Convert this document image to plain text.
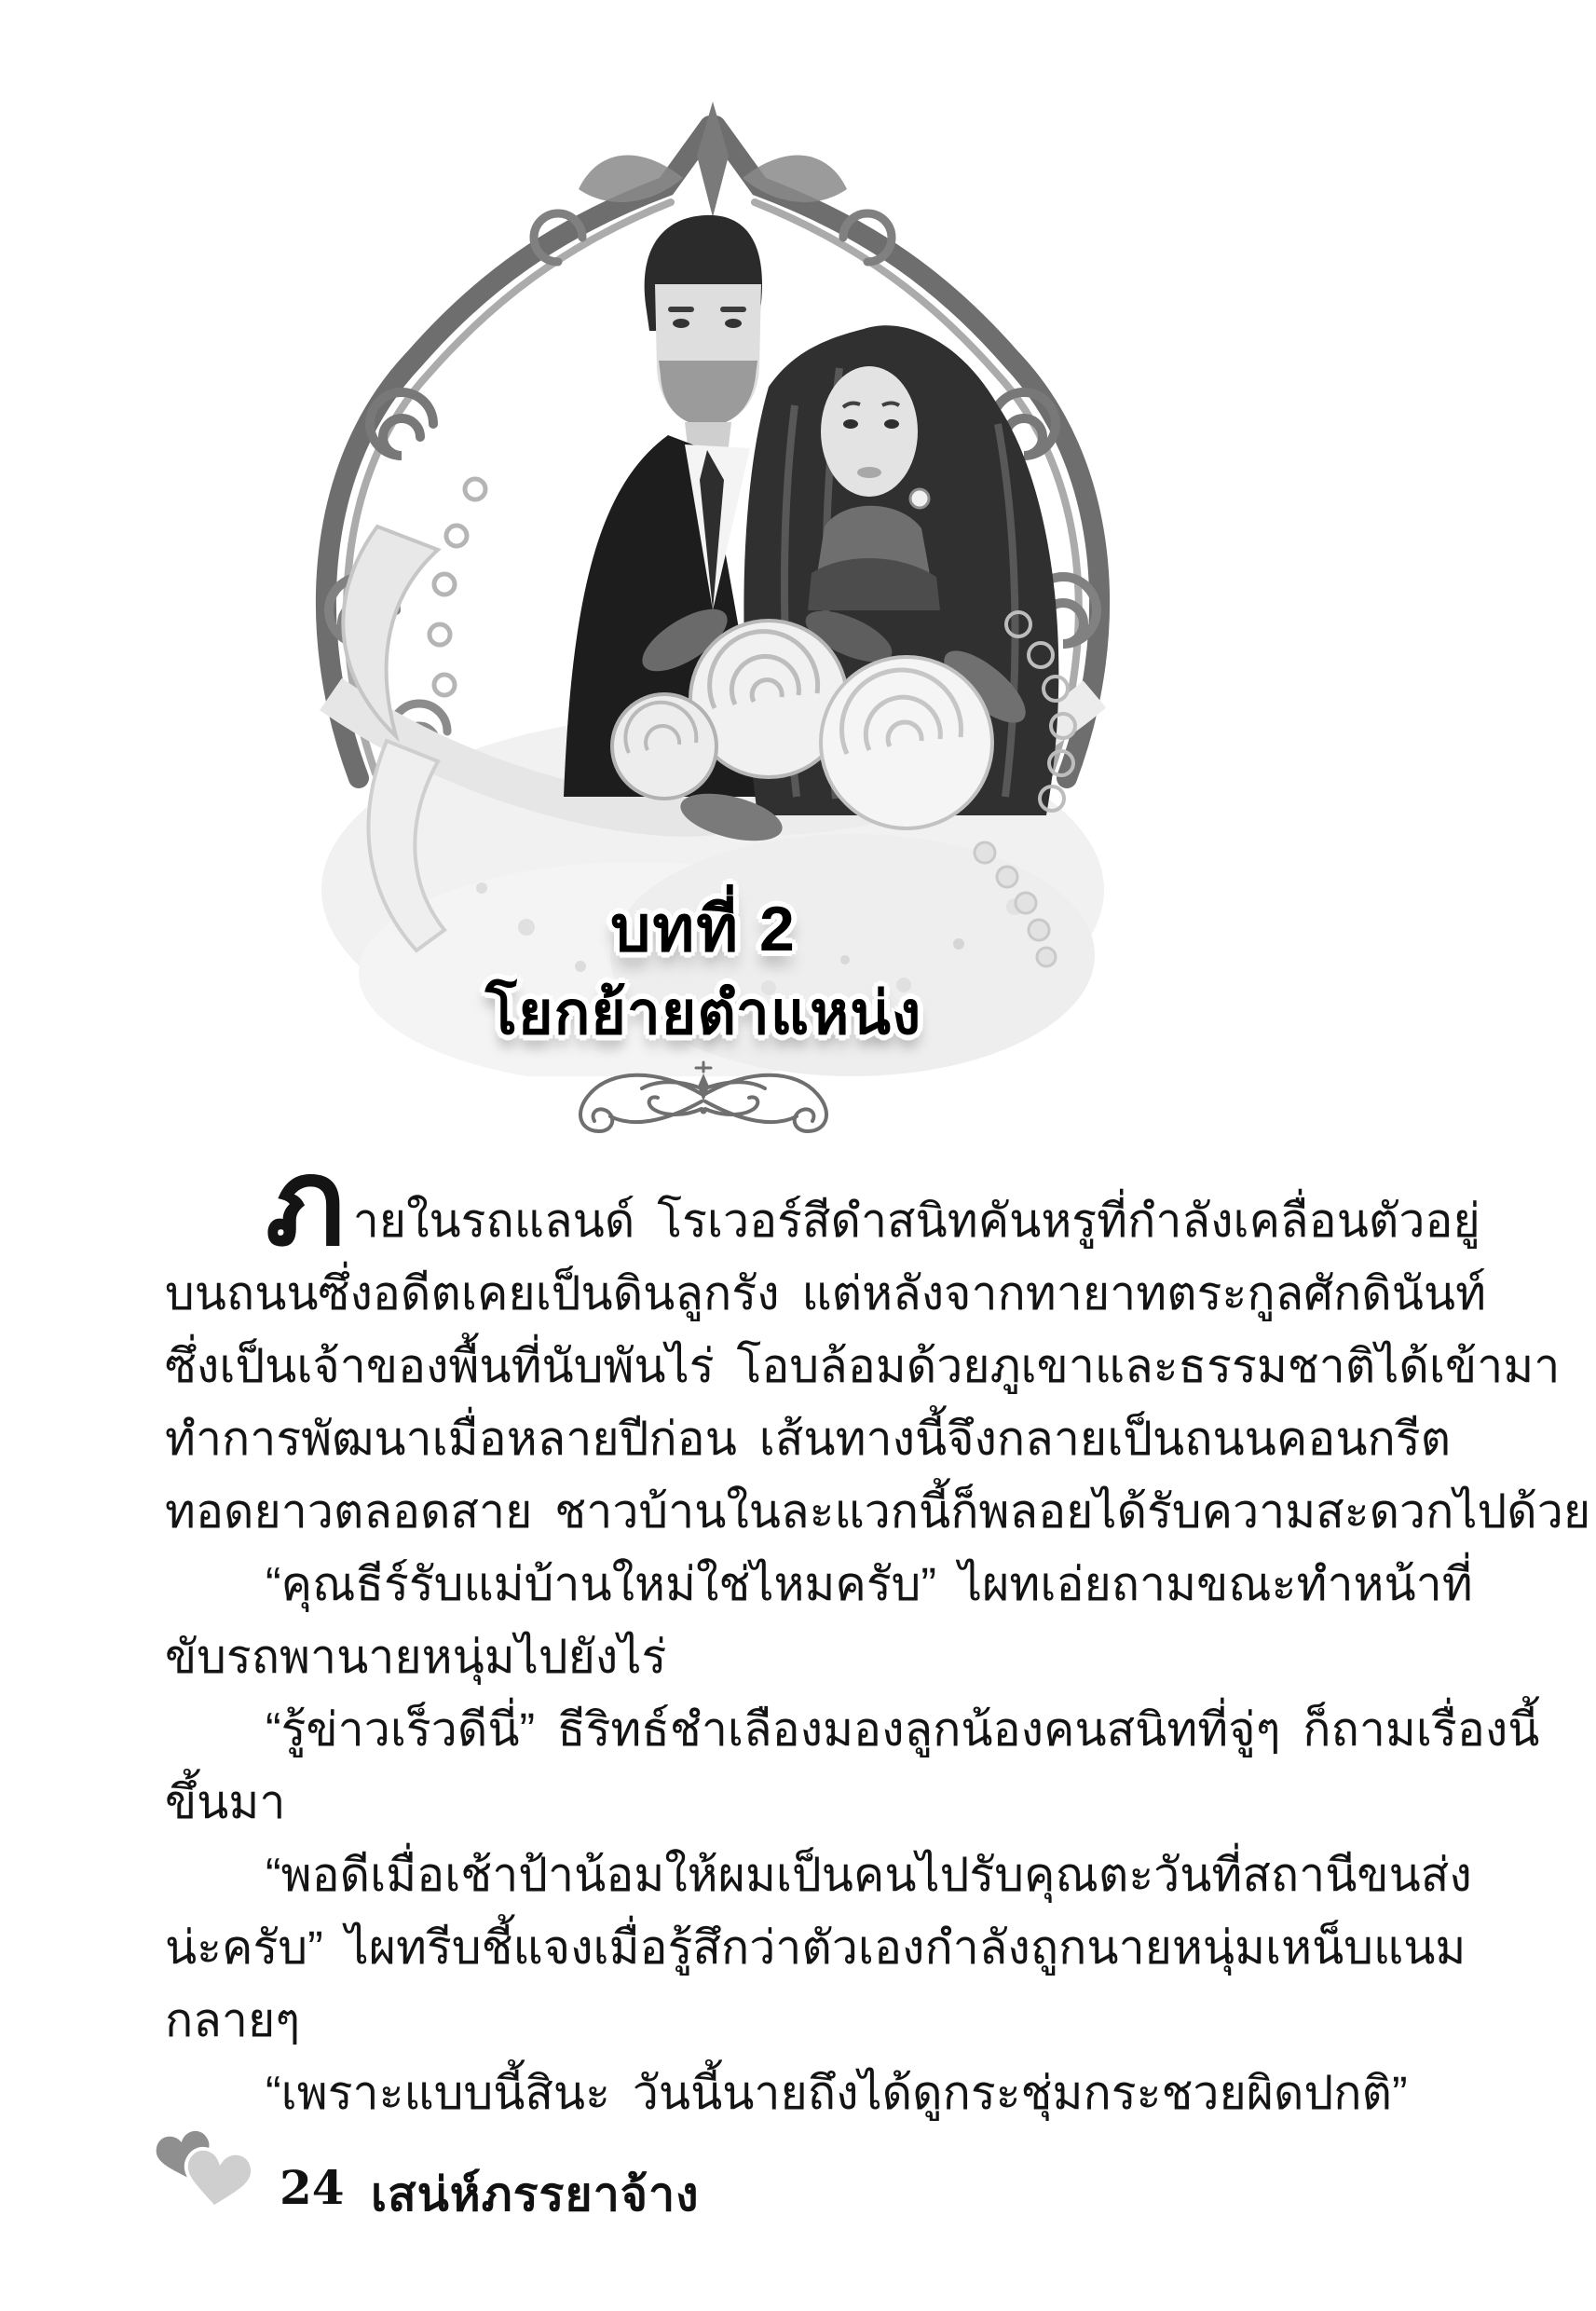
บทที่ 2
โยกย้ายตำแหน่ง
ภายในรถแลนด์ โรเวอร์สีดำสนิทคันหรูที่กำลังเคลื่อนตัวอยู่
บนถนนซึ่งอดีตเคยเป็นดินลูกรัง แต่หลังจากทายาทตระกูลศักดินันท์
ซึ่งเป็นเจ้าของพื้นที่นับพันไร่ โอบล้อมด้วยภูเขาและธรรมชาติได้เข้ามา
ทำการพัฒนาเมื่อหลายปีก่อน เส้นทางนี้จึงกลายเป็นถนนคอนกรีต
ทอดยาวตลอดสาย ชาวบ้านในละแวกนี้ก็พลอยได้รับความสะดวกไปด้วย
“คุณธีร์รับแม่บ้านใหม่ใช่ไหมครับ” ไผทเอ่ยถามขณะทำหน้าที่
ขับรถพานายหนุ่มไปยังไร่
“รู้ข่าวเร็วดีนี่” ธีริทธ์ชำเลืองมองลูกน้องคนสนิทที่จู่ๆ ก็ถามเรื่องนี้
ขึ้นมา
“พอดีเมื่อเช้าป้าน้อมให้ผมเป็นคนไปรับคุณตะวันที่สถานีขนส่ง
น่ะครับ” ไผทรีบชี้แจงเมื่อรู้สึกว่าตัวเองกำลังถูกนายหนุ่มเหน็บแนม
กลายๆ
“เพราะแบบนี้สินะ วันนี้นายถึงได้ดูกระชุ่มกระชวยผิดปกติ”
24 เสน่ห์ภรรยาจ้าง
